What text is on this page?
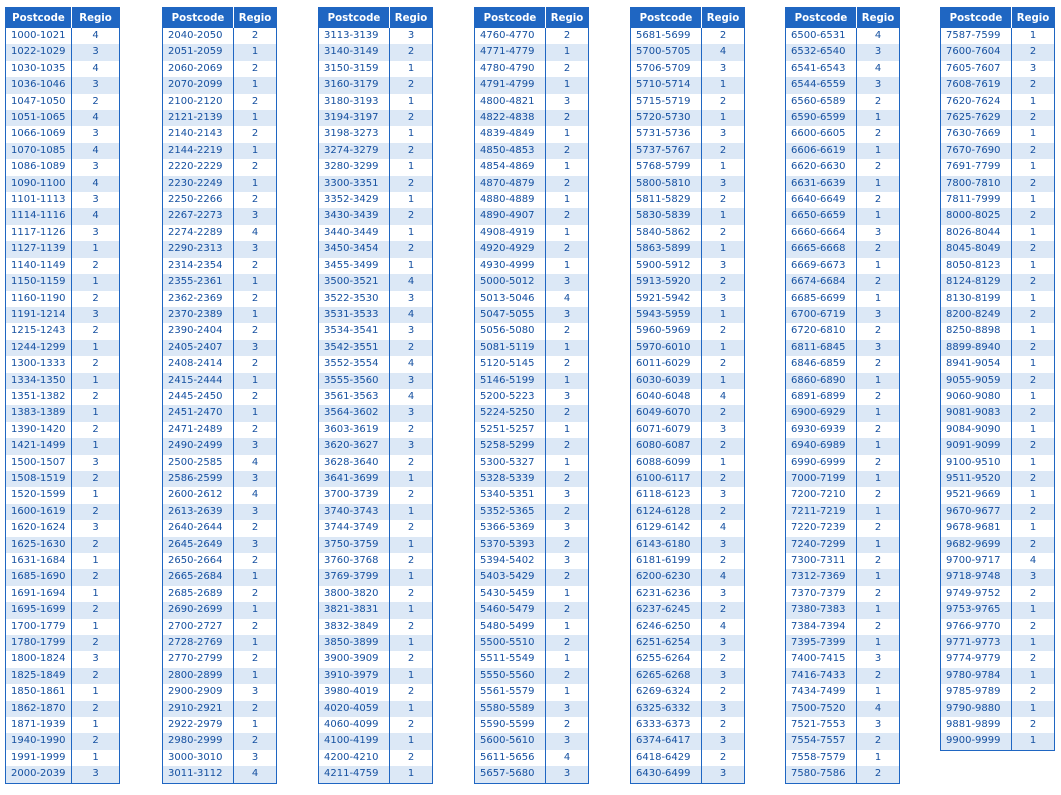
Postcode	Regio
1000-1021	4
1022-1029	3
1030-1035	4
1036-1046	3
1047-1050	2
1051-1065	4
1066-1069	3
1070-1085	4
1086-1089	3
1090-1100	4
1101-1113	3
1114-1116	4
1117-1126	3
1127-1139	1
1140-1149	2
1150-1159	1
1160-1190	2
1191-1214	3
1215-1243	2
1244-1299	1
1300-1333	2
1334-1350	1
1351-1382	2
1383-1389	1
1390-1420	2
1421-1499	1
1500-1507	3
1508-1519	2
1520-1599	1
1600-1619	2
1620-1624	3
1625-1630	2
1631-1684	1
1685-1690	2
1691-1694	1
1695-1699	2
1700-1779	1
1780-1799	2
1800-1824	3
1825-1849	2
1850-1861	1
1862-1870	2
1871-1939	1
1940-1990	2
1991-1999	1
2000-2039	3
Postcode	Regio
2040-2050	2
2051-2059	1
2060-2069	2
2070-2099	1
2100-2120	2
2121-2139	1
2140-2143	2
2144-2219	1
2220-2229	2
2230-2249	1
2250-2266	2
2267-2273	3
2274-2289	4
2290-2313	3
2314-2354	2
2355-2361	1
2362-2369	2
2370-2389	1
2390-2404	2
2405-2407	3
2408-2414	2
2415-2444	1
2445-2450	2
2451-2470	1
2471-2489	2
2490-2499	3
2500-2585	4
2586-2599	3
2600-2612	4
2613-2639	3
2640-2644	2
2645-2649	3
2650-2664	2
2665-2684	1
2685-2689	2
2690-2699	1
2700-2727	2
2728-2769	1
2770-2799	2
2800-2899	1
2900-2909	3
2910-2921	2
2922-2979	1
2980-2999	2
3000-3010	3
3011-3112	4
Postcode	Regio
3113-3139	3
3140-3149	2
3150-3159	1
3160-3179	2
3180-3193	1
3194-3197	2
3198-3273	1
3274-3279	2
3280-3299	1
3300-3351	2
3352-3429	1
3430-3439	2
3440-3449	1
3450-3454	2
3455-3499	1
3500-3521	4
3522-3530	3
3531-3533	4
3534-3541	3
3542-3551	2
3552-3554	4
3555-3560	3
3561-3563	4
3564-3602	3
3603-3619	2
3620-3627	3
3628-3640	2
3641-3699	1
3700-3739	2
3740-3743	1
3744-3749	2
3750-3759	1
3760-3768	2
3769-3799	1
3800-3820	2
3821-3831	1
3832-3849	2
3850-3899	1
3900-3909	2
3910-3979	1
3980-4019	2
4020-4059	1
4060-4099	2
4100-4199	1
4200-4210	2
4211-4759	1
Postcode	Regio
4760-4770	2
4771-4779	1
4780-4790	2
4791-4799	1
4800-4821	3
4822-4838	2
4839-4849	1
4850-4853	2
4854-4869	1
4870-4879	2
4880-4889	1
4890-4907	2
4908-4919	1
4920-4929	2
4930-4999	1
5000-5012	3
5013-5046	4
5047-5055	3
5056-5080	2
5081-5119	1
5120-5145	2
5146-5199	1
5200-5223	3
5224-5250	2
5251-5257	1
5258-5299	2
5300-5327	1
5328-5339	2
5340-5351	3
5352-5365	2
5366-5369	3
5370-5393	2
5394-5402	3
5403-5429	2
5430-5459	1
5460-5479	2
5480-5499	1
5500-5510	2
5511-5549	1
5550-5560	2
5561-5579	1
5580-5589	3
5590-5599	2
5600-5610	3
5611-5656	4
5657-5680	3
Postcode	Regio
5681-5699	2
5700-5705	4
5706-5709	3
5710-5714	1
5715-5719	2
5720-5730	1
5731-5736	3
5737-5767	2
5768-5799	1
5800-5810	3
5811-5829	2
5830-5839	1
5840-5862	2
5863-5899	1
5900-5912	3
5913-5920	2
5921-5942	3
5943-5959	1
5960-5969	2
5970-6010	1
6011-6029	2
6030-6039	1
6040-6048	4
6049-6070	2
6071-6079	3
6080-6087	2
6088-6099	1
6100-6117	2
6118-6123	3
6124-6128	2
6129-6142	4
6143-6180	3
6181-6199	2
6200-6230	4
6231-6236	3
6237-6245	2
6246-6250	4
6251-6254	3
6255-6264	2
6265-6268	3
6269-6324	2
6325-6332	3
6333-6373	2
6374-6417	3
6418-6429	2
6430-6499	3
Postcode	Regio
6500-6531	4
6532-6540	3
6541-6543	4
6544-6559	3
6560-6589	2
6590-6599	1
6600-6605	2
6606-6619	1
6620-6630	2
6631-6639	1
6640-6649	2
6650-6659	1
6660-6664	3
6665-6668	2
6669-6673	1
6674-6684	2
6685-6699	1
6700-6719	3
6720-6810	2
6811-6845	3
6846-6859	2
6860-6890	1
6891-6899	2
6900-6929	1
6930-6939	2
6940-6989	1
6990-6999	2
7000-7199	1
7200-7210	2
7211-7219	1
7220-7239	2
7240-7299	1
7300-7311	2
7312-7369	1
7370-7379	2
7380-7383	1
7384-7394	2
7395-7399	1
7400-7415	3
7416-7433	2
7434-7499	1
7500-7520	4
7521-7553	3
7554-7557	2
7558-7579	1
7580-7586	2
Postcode	Regio
7587-7599	1
7600-7604	2
7605-7607	3
7608-7619	2
7620-7624	1
7625-7629	2
7630-7669	1
7670-7690	2
7691-7799	1
7800-7810	2
7811-7999	1
8000-8025	2
8026-8044	1
8045-8049	2
8050-8123	1
8124-8129	2
8130-8199	1
8200-8249	2
8250-8898	1
8899-8940	2
8941-9054	1
9055-9059	2
9060-9080	1
9081-9083	2
9084-9090	1
9091-9099	2
9100-9510	1
9511-9520	2
9521-9669	1
9670-9677	2
9678-9681	1
9682-9699	2
9700-9717	4
9718-9748	3
9749-9752	2
9753-9765	1
9766-9770	2
9771-9773	1
9774-9779	2
9780-9784	1
9785-9789	2
9790-9880	1
9881-9899	2
9900-9999	1
